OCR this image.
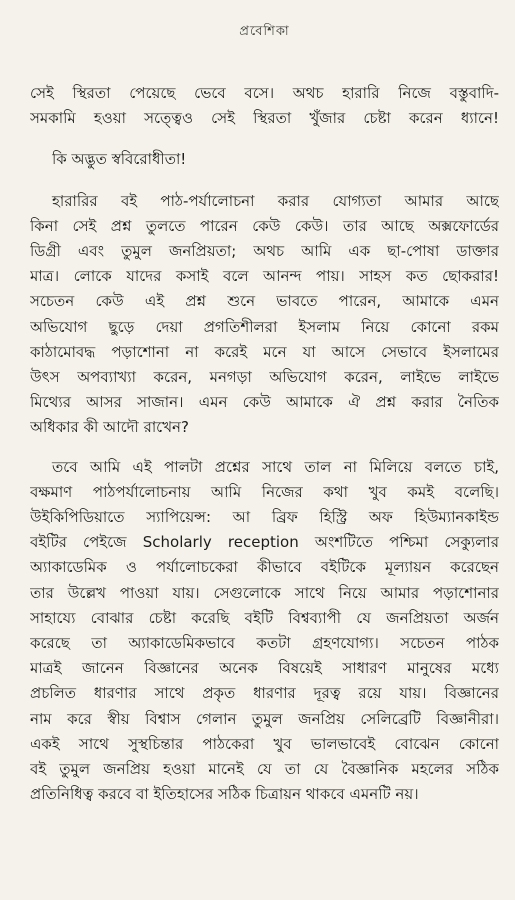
প্রবেশিকা

সেই স্থিরতা পেয়েছে ভেবে বসে। অথচ হারারি নিজে বস্তুবাদি-
সমকামি হওয়া সত্ত্বেও সেই স্থিরতা খুঁজার চেষ্টা করেন ধ্যানে!

কি অদ্ভুত স্ববিরোধীতা!

হারারির বই পাঠ-পর্যালোচনা করার যোগ্যতা আমার আছে
কিনা সেই প্রশ্ন তুলতে পারেন কেউ কেউ। তার আছে অক্সফোর্ডের
ডিগ্রী এবং তুমুল জনপ্রিয়তা; অথচ আমি এক ছা-পোষা ডাক্তার
মাত্র। লোকে যাদের কসাই বলে আনন্দ পায়। সাহস কত ছোকরার!
সচেতন কেউ এই প্রশ্ন শুনে ভাবতে পারেন, আমাকে এমন
অভিযোগ ছুড়ে দেয়া প্রগতিশীলরা ইসলাম নিয়ে কোনো রকম
কাঠামোবদ্ধ পড়াশোনা না করেই মনে যা আসে সেভাবে ইসলামের
উৎস অপব্যাখ্যা করেন, মনগড়া অভিযোগ করেন, লাইভে লাইভে
মিথ্যের আসর সাজান। এমন কেউ আমাকে ঐ প্রশ্ন করার নৈতিক
অধিকার কী আদৌ রাখেন?

তবে আমি এই পালটা প্রশ্নের সাথে তাল না মিলিয়ে বলতে চাই,
বক্ষমাণ পাঠপর্যালোচনায় আমি নিজের কথা খুব কমই বলেছি।
উইকিপিডিয়াতে স্যাপিয়েন্স: আ ব্রিফ হিস্ট্রি অফ হিউম্যানকাইন্ড
বইটির পেইজে Scholarly reception অংশটিতে পশ্চিমা সেক্যুলার
অ্যাকাডেমিক ও পর্যালোচকেরা কীভাবে বইটিকে মূল্যায়ন করেছেন
তার উল্লেখ পাওয়া যায়। সেগুলোকে সাথে নিয়ে আমার পড়াশোনার
সাহায্যে বোঝার চেষ্টা করেছি বইটি বিশ্বব্যাপী যে জনপ্রিয়তা অর্জন
করেছে তা অ্যাকাডেমিকভাবে কতটা গ্রহণযোগ্য। সচেতন পাঠক
মাত্রই জানেন বিজ্ঞানের অনেক বিষয়েই সাধারণ মানুষের মধ্যে
প্রচলিত ধারণার সাথে প্রকৃত ধারণার দূরত্ব রয়ে যায়। বিজ্ঞানের
নাম করে স্বীয় বিশ্বাস গেলান তুমুল জনপ্রিয় সেলিব্রেটি বিজ্ঞানীরা।
একই সাথে সুস্থচিন্তার পাঠকেরা খুব ভালভাবেই বোঝেন কোনো
বই তুমুল জনপ্রিয় হওয়া মানেই যে তা যে বৈজ্ঞানিক মহলের সঠিক
প্রতিনিধিত্ব করবে বা ইতিহাসের সঠিক চিত্রায়ন থাকবে এমনটি নয়।
